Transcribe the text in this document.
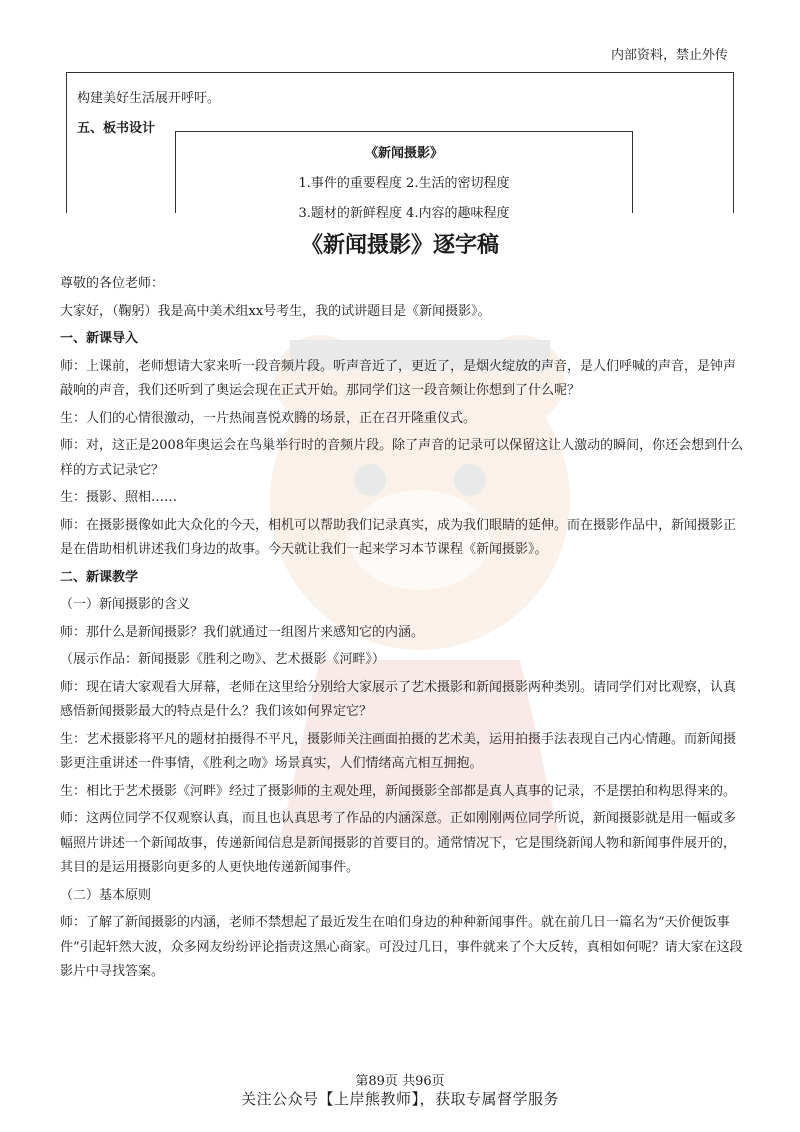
内部资料，禁止外传
构建美好生活展开呼吁。
五、板书设计
《新闻摄影》
1.事件的重要程度 2.生活的密切程度
3.题材的新鲜程度 4.内容的趣味程度
《新闻摄影》逐字稿

尊敬的各位老师：

大家好，（鞠躬）我是高中美术组xx号考生，我的试讲题目是《新闻摄影》。

一、新课导入

师：上课前，老师想请大家来听一段音频片段。听声音近了，更近了，是烟火绽放的声音，是人们呼喊的声音，是钟声敲响的声音，我们还听到了奥运会现在正式开始。那同学们这一段音频让你想到了什么呢？

生：人们的心情很激动，一片热闹喜悦欢腾的场景，正在召开隆重仪式。

师：对，这正是2008年奥运会在鸟巢举行时的音频片段。除了声音的记录可以保留这让人激动的瞬间，你还会想到什么样的方式记录它？

生：摄影、照相……

师：在摄影摄像如此大众化的今天，相机可以帮助我们记录真实，成为我们眼睛的延伸。而在摄影作品中，新闻摄影正是在借助相机讲述我们身边的故事。今天就让我们一起来学习本节课程《新闻摄影》。

二、新课教学

（一）新闻摄影的含义

师：那什么是新闻摄影？我们就通过一组图片来感知它的内涵。

（展示作品：新闻摄影《胜利之吻》、艺术摄影《河畔》）

师：现在请大家观看大屏幕，老师在这里给分别给大家展示了艺术摄影和新闻摄影两种类别。请同学们对比观察，认真感悟新闻摄影最大的特点是什么？我们该如何界定它？

生：艺术摄影将平凡的题材拍摄得不平凡，摄影师关注画面拍摄的艺术美，运用拍摄手法表现自己内心情趣。而新闻摄影更注重讲述一件事情，《胜利之吻》场景真实，人们情绪高亢相互拥抱。

生：相比于艺术摄影《河畔》经过了摄影师的主观处理，新闻摄影全部都是真人真事的记录，不是摆拍和构思得来的。

师：这两位同学不仅观察认真，而且也认真思考了作品的内涵深意。正如刚刚两位同学所说，新闻摄影就是用一幅或多幅照片讲述一个新闻故事，传递新闻信息是新闻摄影的首要目的。通常情况下，它是围绕新闻人物和新闻事件展开的，其目的是运用摄影向更多的人更快地传递新闻事件。

（二）基本原则

师：了解了新闻摄影的内涵，老师不禁想起了最近发生在咱们身边的种种新闻事件。就在前几日一篇名为“天价便饭事件”引起轩然大波，众多网友纷纷评论指责这黑心商家。可没过几日，事件就来了个大反转，真相如何呢？请大家在这段影片中寻找答案。

第89页 共96页
关注公众号【上岸熊教师】，获取专属督学服务
